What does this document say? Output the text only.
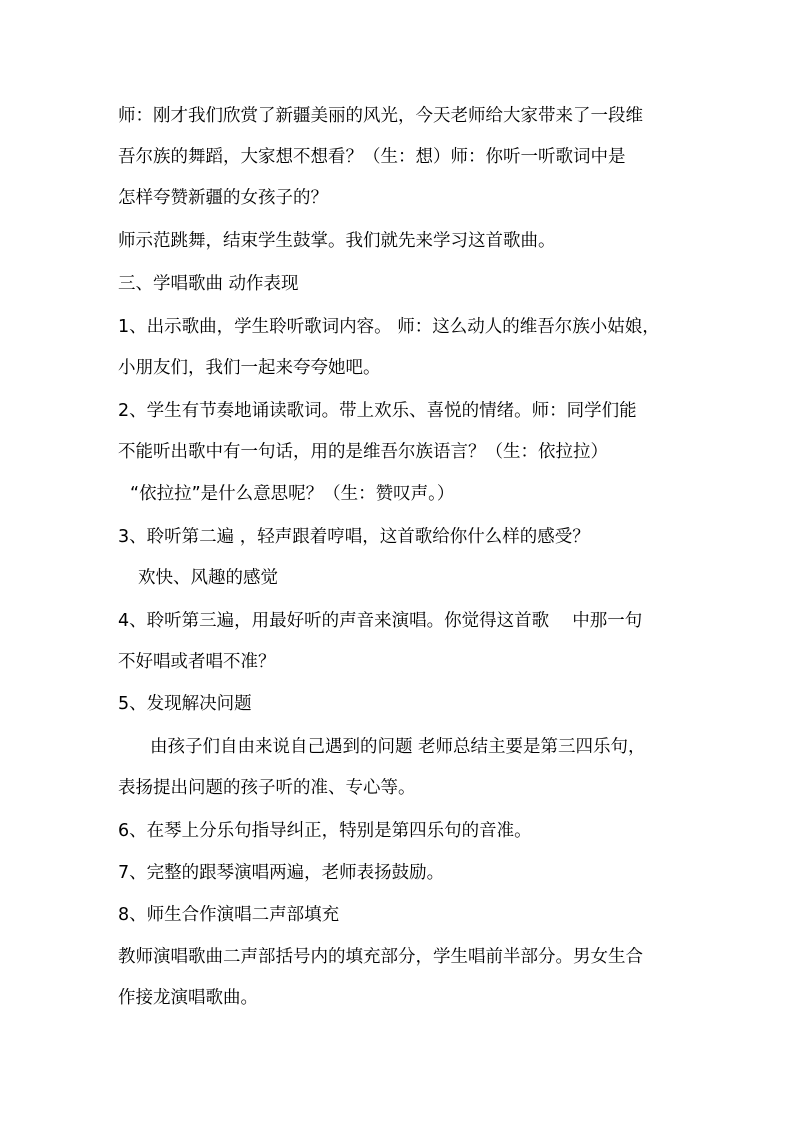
师：刚才我们欣赏了新疆美丽的风光，今天老师给大家带来了一段维
吾尔族的舞蹈，大家想不想看？（生：想）师：你听一听歌词中是
怎样夸赞新疆的女孩子的？
师示范跳舞，结束学生鼓掌。我们就先来学习这首歌曲。
三、学唱歌曲 动作表现
1、出示歌曲，学生聆听歌词内容。 师：这么动人的维吾尔族小姑娘，
小朋友们，我们一起来夸夸她吧。
2、学生有节奏地诵读歌词。带上欢乐、喜悦的情绪。师：同学们能
不能听出歌中有一句话，用的是维吾尔族语言？（生：依拉拉）
“依拉拉”是什么意思呢？（生：赞叹声。）
3、聆听第二遍 ，轻声跟着哼唱，这首歌给你什么样的感受？
欢快、风趣的感觉
4、聆听第三遍，用最好听的声音来演唱。你觉得这首歌　 中那一句
不好唱或者唱不准？
5、发现解决问题
由孩子们自由来说自己遇到的问题 老师总结主要是第三四乐句，
表扬提出问题的孩子听的准、专心等。
6、在琴上分乐句指导纠正，特别是第四乐句的音准。
7、完整的跟琴演唱两遍，老师表扬鼓励。
8、师生合作演唱二声部填充
教师演唱歌曲二声部括号内的填充部分，学生唱前半部分。男女生合
作接龙演唱歌曲。
